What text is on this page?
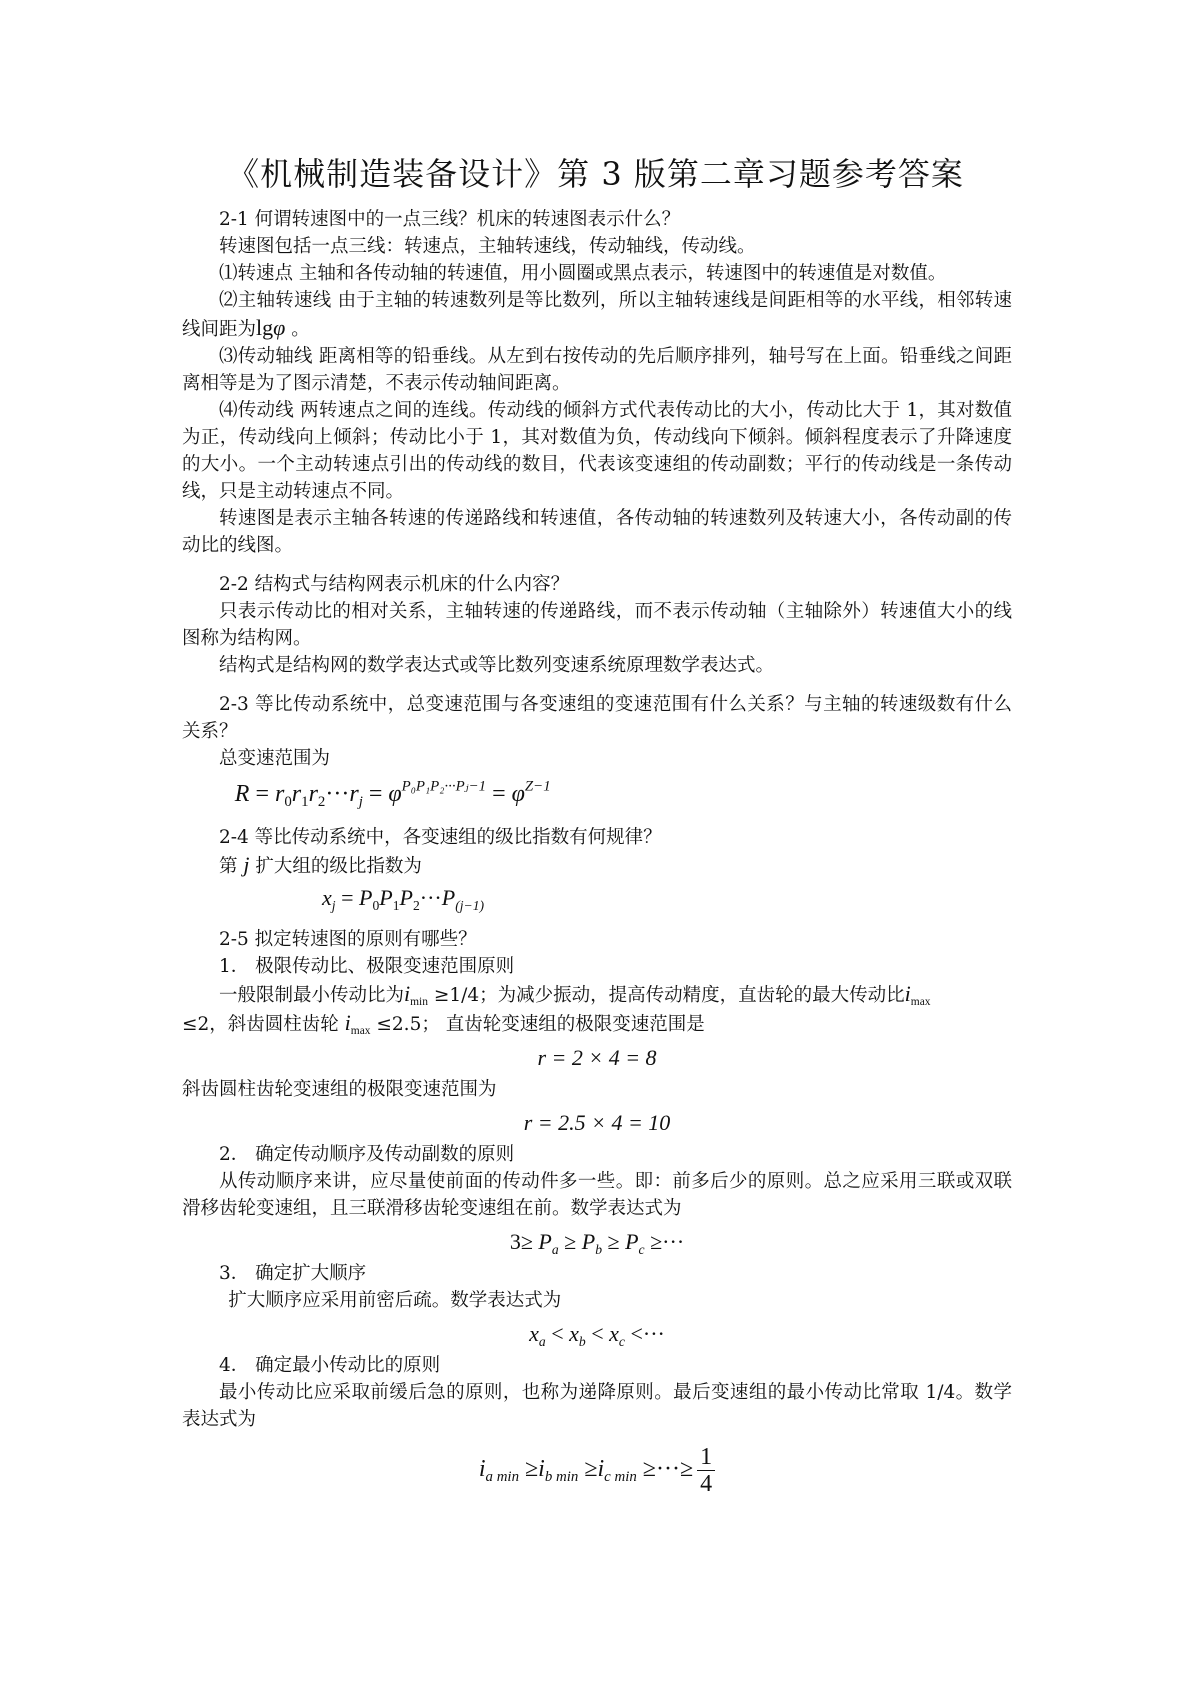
《机械制造装备设计》第 3 版第二章习题参考答案

2-1 何谓转速图中的一点三线？机床的转速图表示什么？

转速图包括一点三线：转速点，主轴转速线，传动轴线，传动线。

⑴转速点 主轴和各传动轴的转速值，用小圆圈或黑点表示，转速图中的转速值是对数值。

⑵主轴转速线 由于主轴的转速数列是等比数列，所以主轴转速线是间距相等的水平线，相邻转速线间距为lgφ 。

⑶传动轴线 距离相等的铅垂线。从左到右按传动的先后顺序排列，轴号写在上面。铅垂线之间距离相等是为了图示清楚，不表示传动轴间距离。

⑷传动线 两转速点之间的连线。传动线的倾斜方式代表传动比的大小，传动比大于 1，其对数值为正，传动线向上倾斜；传动比小于 1，其对数值为负，传动线向下倾斜。倾斜程度表示了升降速度的大小。一个主动转速点引出的传动线的数目，代表该变速组的传动副数；平行的传动线是一条传动线，只是主动转速点不同。

转速图是表示主轴各转速的传递路线和转速值，各传动轴的转速数列及转速大小，各传动副的传动比的线图。

2-2 结构式与结构网表示机床的什么内容？

只表示传动比的相对关系，主轴转速的传递路线，而不表示传动轴（主轴除外）转速值大小的线图称为结构网。

结构式是结构网的数学表达式或等比数列变速系统原理数学表达式。

2-3 等比传动系统中，总变速范围与各变速组的变速范围有什么关系？与主轴的转速级数有什么关系？

总变速范围为

$R = r_0r_1r_2\cdot\cdot\cdot r_j = \varphi^{P_0P_1P_2\cdot\cdot\cdot Pⱼ-1} = \varphi^{Z-1}$

2-4 等比传动系统中，各变速组的级比指数有何规律？

第 j 扩大组的级比指数为

$x_j = P_0P_1P_2\cdot\cdot\cdot P_{(j-1)}$

2-5 拟定转速图的原则有哪些？

1． 极限传动比、极限变速范围原则

一般限制最小传动比为$i_{min} \ge 1/4$；为减少振动，提高传动精度，直齿轮的最大传动比$i_{max}$

≤2，斜齿圆柱齿轮 $i_{max} \le 2.5$； 直齿轮变速组的极限变速范围是

r = 2 × 4 = 8

斜齿圆柱齿轮变速组的极限变速范围为

r = 2.5 × 4 = 10

2． 确定传动顺序及传动副数的原则

从传动顺序来讲，应尽量使前面的传动件多一些。即：前多后少的原则。总之应采用三联或双联滑移齿轮变速组，且三联滑移齿轮变速组在前。数学表达式为

$3\ge P_a \ge P_b \ge P_c$ ≥···

3． 确定扩大顺序

扩大顺序应采用前密后疏。数学表达式为

$x_a < x_b < x_c$ <···

4． 确定最小传动比的原则

最小传动比应采取前缓后急的原则，也称为递降原则。最后变速组的最小传动比常取 1/4。数学表达式为

$i_{a min} \ge i_{b min} \ge i_{c min}$ ≥···≥ $\frac{1}{4}$
